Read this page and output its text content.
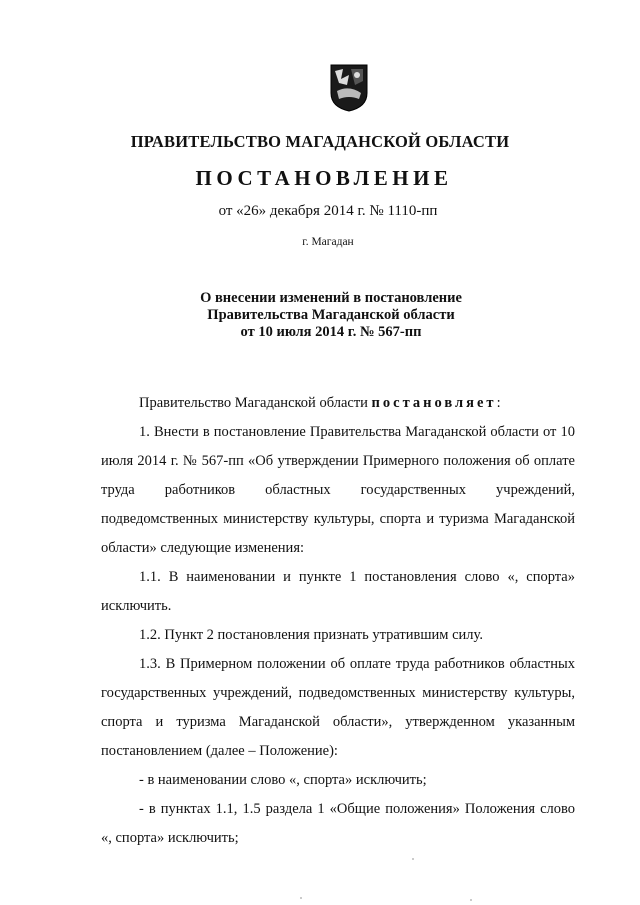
ПРАВИТЕЛЬСТВО МАГАДАНСКОЙ ОБЛАСТИ
ПОСТАНОВЛЕНИЕ
от «26» декабря 2014 г. № 1110-пп
г. Магадан
О внесении изменений в постановление
Правительства Магаданской области
от 10 июля 2014 г. № 567-пп

Правительство Магаданской области постановляет:

1. Внести в постановление Правительства Магаданской области от 10 июля 2014 г. № 567-пп «Об утверждении Примерного положения об оплате труда работников областных государственных учреждений, подведомственных министерству культуры, спорта и туризма Магаданской области» следующие изменения:

1.1. В наименовании и пункте 1 постановления слово «, спорта» исключить.

1.2. Пункт 2 постановления признать утратившим силу.

1.3. В Примерном положении об оплате труда работников областных государственных учреждений, подведомственных министерству культуры, спорта и туризма Магаданской области», утвержденном указанным постановлением (далее – Положение):

- в наименовании слово «, спорта» исключить;

- в пунктах 1.1, 1.5 раздела 1 «Общие положения» Положения слово «, спорта» исключить;
